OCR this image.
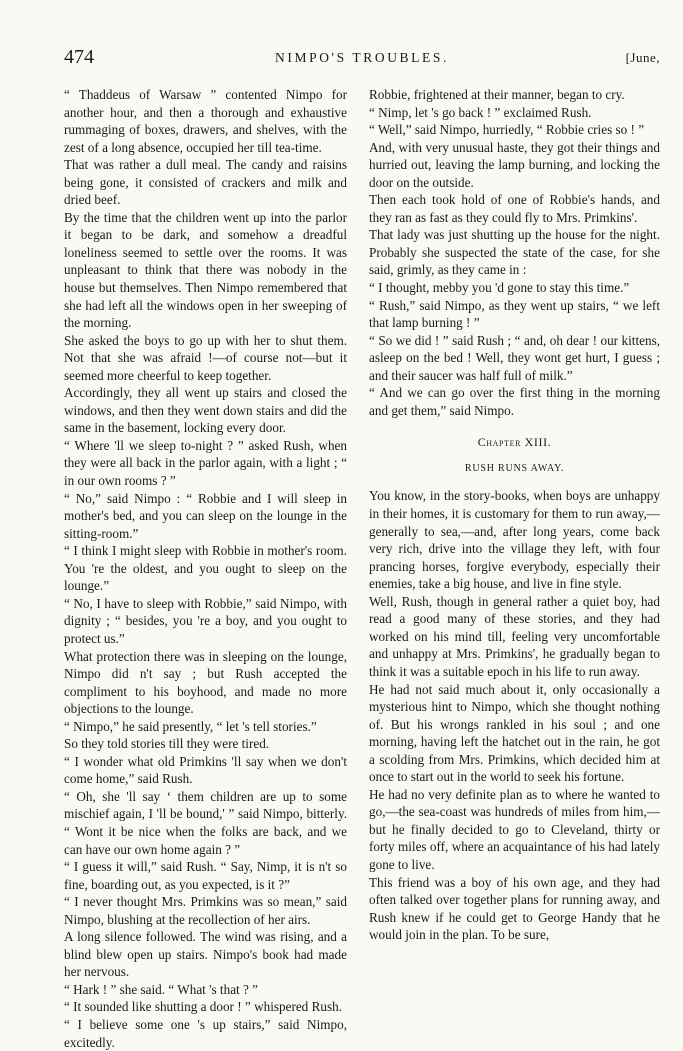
474	NIMPO'S TROUBLES.	[June,

“ Thaddeus of Warsaw ” contented Nimpo for another hour, and then a thorough and exhaustive rummaging of boxes, drawers, and shelves, with the zest of a long absence, occupied her till tea-time.

That was rather a dull meal. The candy and raisins being gone, it consisted of crackers and milk and dried beef.

By the time that the children went up into the parlor it began to be dark, and somehow a dreadful loneliness seemed to settle over the rooms. It was unpleasant to think that there was nobody in the house but themselves. Then Nimpo remembered that she had left all the windows open in her sweeping of the morning.

She asked the boys to go up with her to shut them. Not that she was afraid !—of course not—but it seemed more cheerful to keep together.

Accordingly, they all went up stairs and closed the windows, and then they went down stairs and did the same in the basement, locking every door.

“ Where 'll we sleep to-night ? ” asked Rush, when they were all back in the parlor again, with a light ; “ in our own rooms ? ”

“ No,” said Nimpo : “ Robbie and I will sleep in mother's bed, and you can sleep on the lounge in the sitting-room.”

“ I think I might sleep with Robbie in mother's room. You 're the oldest, and you ought to sleep on the lounge.”

“ No, I have to sleep with Robbie,” said Nimpo, with dignity ; “ besides, you 're a boy, and you ought to protect us.”

What protection there was in sleeping on the lounge, Nimpo did n't say ; but Rush accepted the compliment to his boyhood, and made no more objections to the lounge.

“ Nimpo,” he said presently, “ let 's tell stories.”

So they told stories till they were tired.

“ I wonder what old Primkins 'll say when we don't come home,” said Rush.

“ Oh, she 'll say ‘ them children are up to some mischief again, I 'll be bound,' ” said Nimpo, bitterly. “ Wont it be nice when the folks are back, and we can have our own home again ? ”

“ I guess it will,” said Rush. “ Say, Nimp, it is n't so fine, boarding out, as you expected, is it ?”

“ I never thought Mrs. Primkins was so mean,” said Nimpo, blushing at the recollection of her airs.

A long silence followed. The wind was rising, and a blind blew open up stairs. Nimpo's book had made her nervous.

“ Hark ! ” she said. “ What 's that ? ”

“ It sounded like shutting a door ! ” whispered Rush.

“ I believe some one 's up stairs,” said Nimpo, excitedly.

Robbie, frightened at their manner, began to cry.

“ Nimp, let 's go back ! ” exclaimed Rush.

“ Well,” said Nimpo, hurriedly, “ Robbie cries so ! ”

And, with very unusual haste, they got their things and hurried out, leaving the lamp burning, and locking the door on the outside.

Then each took hold of one of Robbie's hands, and they ran as fast as they could fly to Mrs. Primkins'.

That lady was just shutting up the house for the night. Probably she suspected the state of the case, for she said, grimly, as they came in :

“ I thought, mebby you 'd gone to stay this time.”

“ Rush,” said Nimpo, as they went up stairs, “ we left that lamp burning ! ”

“ So we did ! ” said Rush ; “ and, oh dear ! our kittens, asleep on the bed ! Well, they wont get hurt, I guess ; and their saucer was half full of milk.”

“ And we can go over the first thing in the morning and get them,” said Nimpo.

Chapter XIII.

RUSH RUNS AWAY.

You know, in the story-books, when boys are unhappy in their homes, it is customary for them to run away,—generally to sea,—and, after long years, come back very rich, drive into the village they left, with four prancing horses, forgive everybody, especially their enemies, take a big house, and live in fine style.

Well, Rush, though in general rather a quiet boy, had read a good many of these stories, and they had worked on his mind till, feeling very uncomfortable and unhappy at Mrs. Primkins', he gradually began to think it was a suitable epoch in his life to run away.

He had not said much about it, only occasionally a mysterious hint to Nimpo, which she thought nothing of. But his wrongs rankled in his soul ; and one morning, having left the hatchet out in the rain, he got a scolding from Mrs. Primkins, which decided him at once to start out in the world to seek his fortune.

He had no very definite plan as to where he wanted to go,—the sea-coast was hundreds of miles from him,—but he finally decided to go to Cleveland, thirty or forty miles off, where an acquaintance of his had lately gone to live.

This friend was a boy of his own age, and they had often talked over together plans for running away, and Rush knew if he could get to George Handy that he would join in the plan. To be sure,
